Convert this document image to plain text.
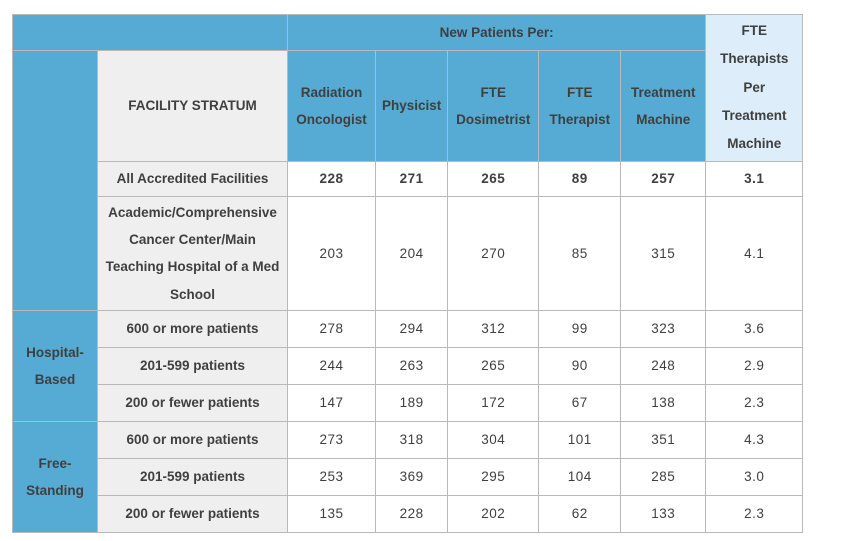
		New Patients Per:					FTE Therapists Per Treatment Machine
	FACILITY STRATUM	Radiation Oncologist	Physicist	FTE Dosimetrist	FTE Therapist	Treatment Machine	
	All Accredited Facilities	228	271	265	89	257	3.1
	Academic/Comprehensive Cancer Center/Main Teaching Hospital of a Med School	203	204	270	85	315	4.1
Hospital-Based	600 or more patients	278	294	312	99	323	3.6
	201-599 patients	244	263	265	90	248	2.9
	200 or fewer patients	147	189	172	67	138	2.3
Free-Standing	600 or more patients	273	318	304	101	351	4.3
	201-599 patients	253	369	295	104	285	3.0
	200 or fewer patients	135	228	202	62	133	2.3
